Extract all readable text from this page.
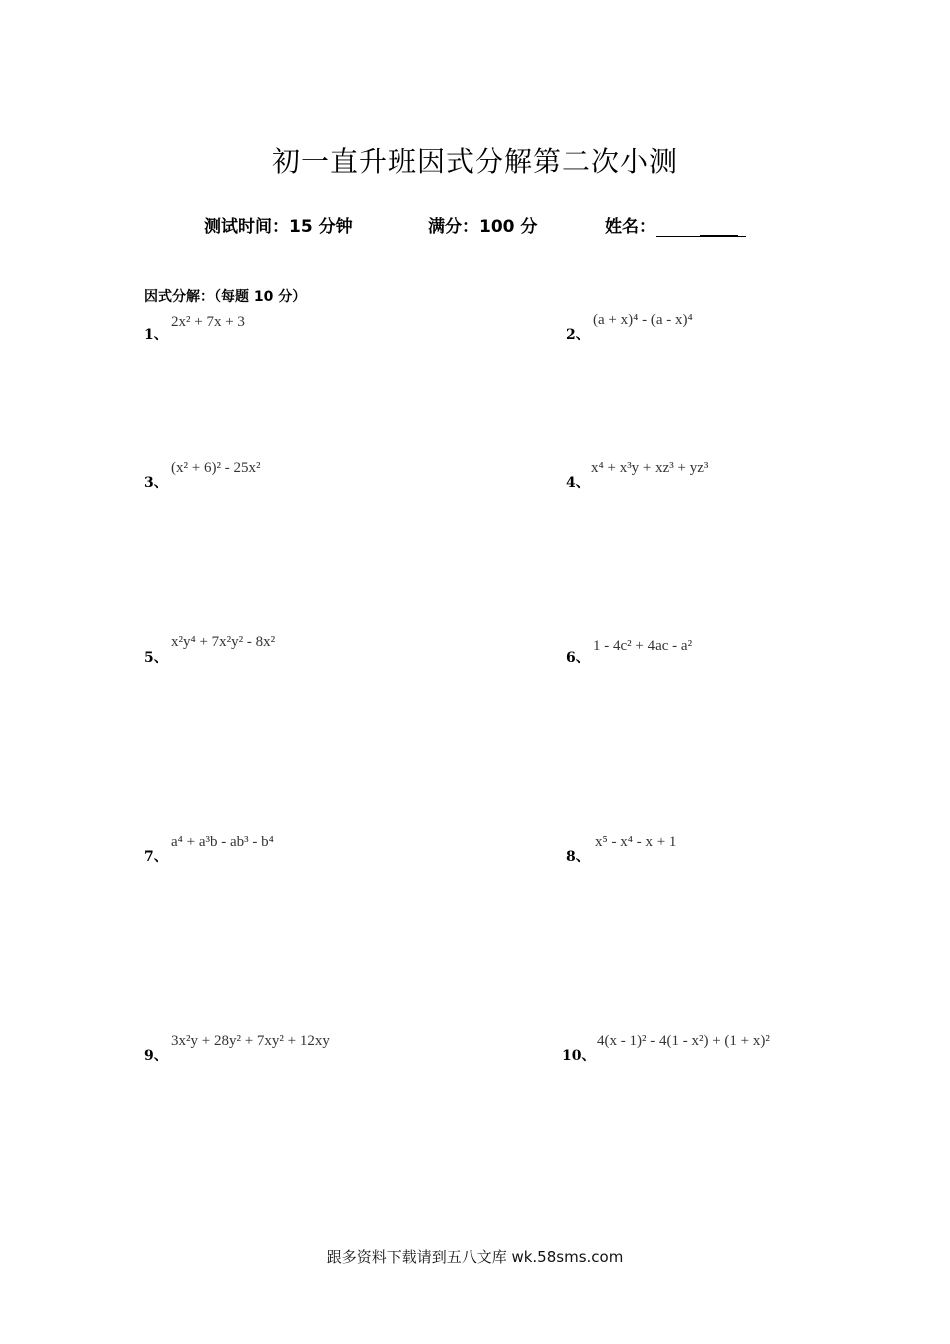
初一直升班因式分解第二次小测
测试时间：15 分钟	满分：100 分	姓名：
因式分解：（每题 10 分）
1、
2x² + 7x + 3
2、
(a + x)⁴ - (a - x)⁴
3、
(x² + 6)² - 25x²
4、
x⁴ + x³y + xz³ + yz³
5、
x²y⁴ + 7x²y² - 8x²
6、
1 - 4c² + 4ac - a²
7、
a⁴ + a³b - ab³ - b⁴
8、
x⁵ - x⁴ - x + 1
9、
3x²y + 28y² + 7xy² + 12xy
10、
4(x - 1)² - 4(1 - x²) + (1 + x)²
跟多资料下载请到五八文库 wk.58sms.com
